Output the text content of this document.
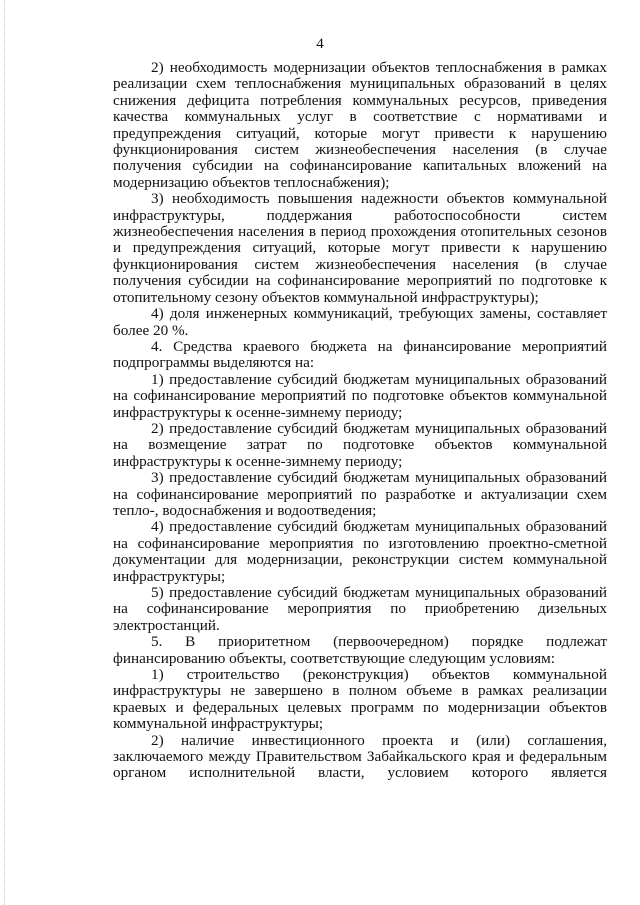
4

2) необходимость модернизации объектов теплоснабжения в рамках реализации схем теплоснабжения муниципальных образований в целях снижения дефицита потребления коммунальных ресурсов, приведения качества коммунальных услуг в соответствие с нормативами и предупреждения ситуаций, которые могут привести к нарушению функционирования систем жизнеобеспечения населения (в случае получения субсидии на софинансирование капитальных вложений на модернизацию объектов теплоснабжения);

3) необходимость повышения надежности объектов коммунальной инфраструктуры, поддержания работоспособности систем жизнеобеспечения населения в период прохождения отопительных сезонов и предупреждения ситуаций, которые могут привести к нарушению функционирования систем жизнеобеспечения населения (в случае получения субсидии на софинансирование мероприятий по подготовке к отопительному сезону объектов коммунальной инфраструктуры);

4) доля инженерных коммуникаций, требующих замены, составляет более 20 %.

4. Средства краевого бюджета на финансирование мероприятий подпрограммы выделяются на:

1) предоставление субсидий бюджетам муниципальных образований на софинансирование мероприятий по подготовке объектов коммунальной инфраструктуры к осенне-зимнему периоду;

2) предоставление субсидий бюджетам муниципальных образований на возмещение затрат по подготовке объектов коммунальной инфраструктуры к осенне-зимнему периоду;

3) предоставление субсидий бюджетам муниципальных образований на софинансирование мероприятий по разработке и актуализации схем тепло-, водоснабжения и водоотведения;

4) предоставление субсидий бюджетам муниципальных образований на софинансирование мероприятия по изготовлению проектно-сметной документации для модернизации, реконструкции систем коммунальной инфраструктуры;

5) предоставление субсидий бюджетам муниципальных образований на софинансирование мероприятия по приобретению дизельных электростанций.

5. В приоритетном (первоочередном) порядке подлежат финансированию объекты, соответствующие следующим условиям:

1) строительство (реконструкция) объектов коммунальной инфраструктуры не завершено в полном объеме в рамках реализации краевых и федеральных целевых программ по модернизации объектов коммунальной инфраструктуры;

2) наличие инвестиционного проекта и (или) соглашения, заключаемого между Правительством Забайкальского края и федеральным органом исполнительной власти, условием которого является
